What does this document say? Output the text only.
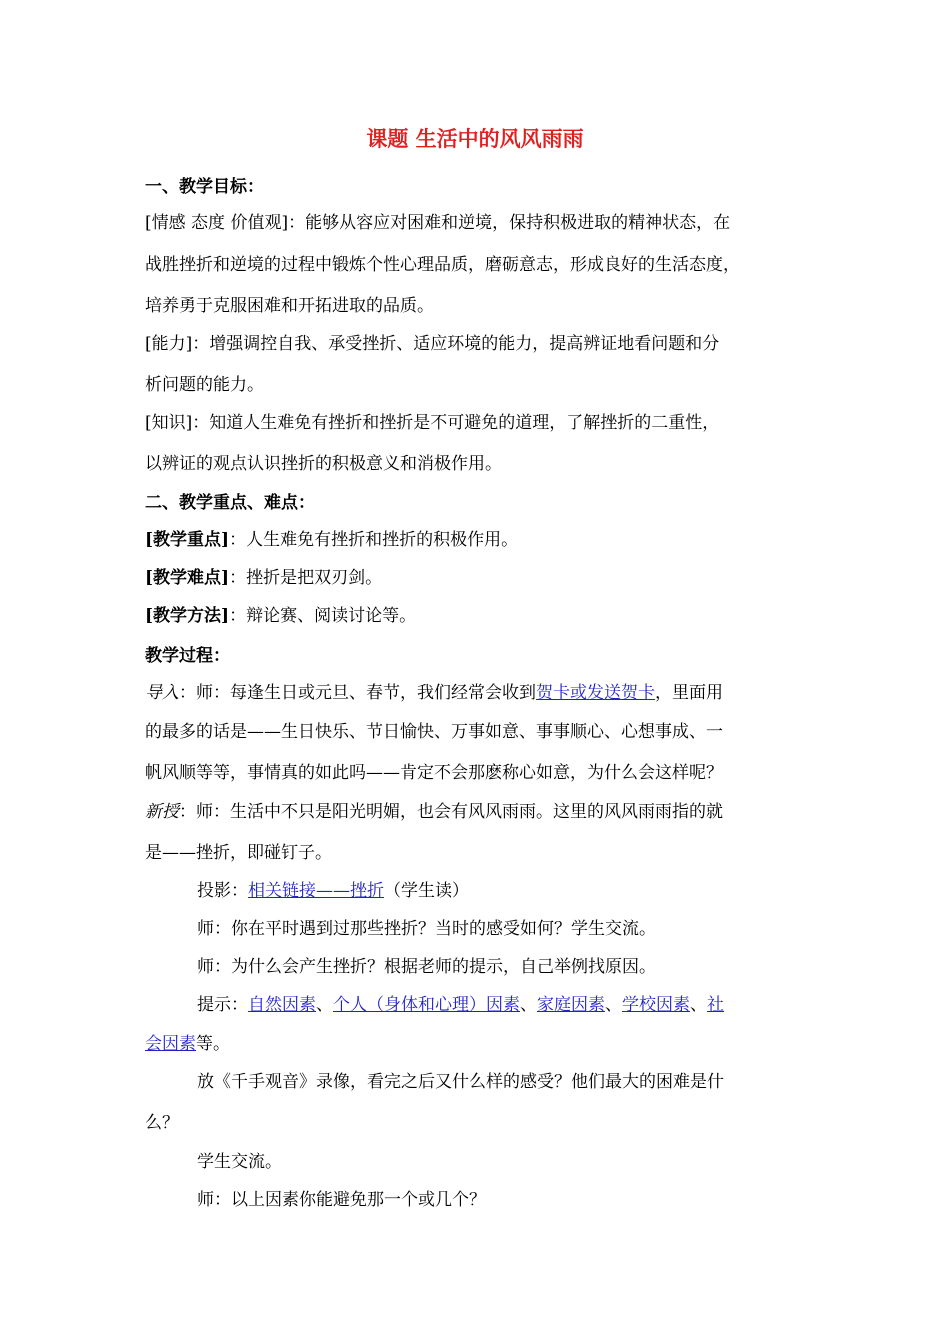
课题 生活中的风风雨雨
一、教学目标：
[情感 态度 价值观]：能够从容应对困难和逆境，保持积极进取的精神状态，在
战胜挫折和逆境的过程中锻炼个性心理品质，磨砺意志，形成良好的生活态度，
培养勇于克服困难和开拓进取的品质。
[能力]：增强调控自我、承受挫折、适应环境的能力，提高辨证地看问题和分
析问题的能力。
[知识]：知道人生难免有挫折和挫折是不可避免的道理，了解挫折的二重性，
以辨证的观点认识挫折的积极意义和消极作用。
二、教学重点、难点：
[教学重点]：人生难免有挫折和挫折的积极作用。
[教学难点]：挫折是把双刃剑。
[教学方法]：辩论赛、阅读讨论等。
教学过程：
导入：师：每逢生日或元旦、春节，我们经常会收到贺卡或发送贺卡，里面用
的最多的话是——生日快乐、节日愉快、万事如意、事事顺心、心想事成、一
帆风顺等等，事情真的如此吗——肯定不会那麽称心如意，为什么会这样呢？
新授：师：生活中不只是阳光明媚，也会有风风雨雨。这里的风风雨雨指的就
是——挫折，即碰钉子。
投影：相关链接——挫折（学生读）
师：你在平时遇到过那些挫折？当时的感受如何？学生交流。
师：为什么会产生挫折？根据老师的提示，自己举例找原因。
提示：自然因素、个人（身体和心理）因素、家庭因素、学校因素、社
会因素等。
放《千手观音》录像，看完之后又什么样的感受？他们最大的困难是什
么？
学生交流。
师：以上因素你能避免那一个或几个？
